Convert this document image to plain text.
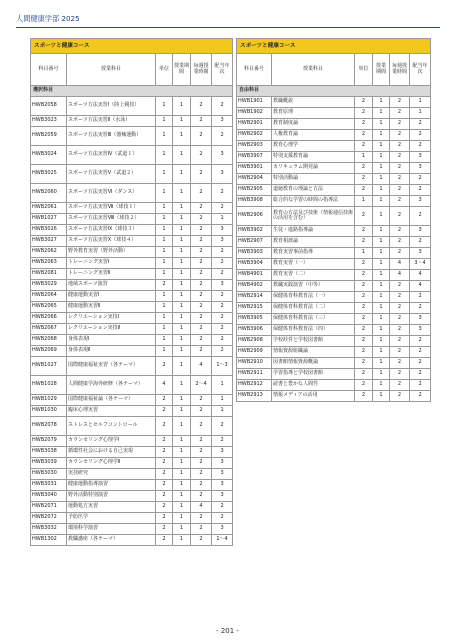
人間健康学部 2025
スポーツと健康コース					
科目番号	授業科目	単位	授業期間	毎週授業時間	配当年次
選択科目					
HWB2058	スポーツ方法実習Ⅰ（陸上競技）	1	1	2	2
HWB3023	スポーツ方法実習Ⅱ（水泳）	1	1	2	3
HWB2059	スポーツ方法実習Ⅲ（器械運動）	1	1	2	2
HWB3024	スポーツ方法実習Ⅳ（武道１）	1	1	2	3
HWB3025	スポーツ方法実習Ⅴ（武道２）	1	1	2	3
HWB2060	スポーツ方法実習Ⅵ（ダンス）	1	1	2	2
HWB2061	スポーツ方法実習Ⅶ（球技１）	1	1	2	2
HWB1027	スポーツ方法実習Ⅷ（球技２）	1	1	2	1
HWB3026	スポーツ方法実習Ⅸ（球技３）	1	1	2	3
HWB3027	スポーツ方法実習Ⅹ（球技４）	1	1	2	3
HWB2062	野外教育実習（野外活動）	1	1	2	2
HWB2063	トレーニング実習Ⅰ	1	1	2	2
HWB2081	トレーニング実習Ⅱ	1	1	2	2
HWB3029	地域スポーツ演習	2	1	2	3
HWB2064	健康運動実習Ⅰ	1	1	2	2
HWB2065	健康運動実習Ⅱ	1	1	2	2
HWB2066	レクリエーション実技Ⅰ	1	1	2	2
HWB2067	レクリエーション実技Ⅱ	1	1	2	2
HWB2068	身体表現Ⅰ	1	1	2	2
HWB2069	身体表現Ⅱ	1	1	2	2
HWB1027	国際健康福祉実習（各テーマ）	2	1	4	1～3
HWB1028	人間健康学海外研修（各テーマ）	4	1	2～4	1
HWB1029	国際健康福祉論（各テーマ）	2	1	2	1
HWB1030	臨床心理実習	2	1	2	1
HWB2078	ストレスとセルフコントロール	2	1	2	2
HWB2079	カウンセリング心理学Ⅰ	2	1	2	2
HWB3038	循環性社会における自己実現	2	1	2	3
HWB3039	カウンセリング心理学Ⅱ	2	1	2	3
HWB3030	実技研究	2	1	2	3
HWB3031	健康運動指導演習	2	1	2	3
HWB3040	野外活動特別演習	2	1	2	3
HWB2071	運動処方実習	2	1	4	2
HWB2072	予防医学	2	1	2	2
HWB3032	環境科学演習	2	1	2	3
HWB1302	教職講座（各テーマ）	2	1	2	1～4
スポーツと健康コース					
科目番号	授業科目	単位	授業期間	毎週授業時間	配当年次
自由科目					
HWB1901	教職概説	2	1	2	1
HWB1902	教育原理	2	1	2	1
HWB2901	教育制度論	2	1	2	2
HWB2902	人権教育論	2	1	2	2
HWB2903	教育心理学	2	1	2	2
HWB3907	特別支援教育論	1	1	2	3
HWB3901	カリキュラム開発論	2	1	2	3
HWB2904	特別活動論	2	1	2	2
HWB2905	道徳教育の理論と方法	2	1	2	2
HWB3908	総合的な学習の時間の指導法	1	1	2	3
HWB2906	教育の方法及び技術（情報通信技術の活用を含む）	2	1	2	2
HWB3902	生徒・進路指導論	2	1	2	3
HWB2907	教育相談論	2	1	2	2
HWB3903	教育実習事前指導	1	1	2	3
HWB3904	教育実習（一）	2	1	4	3・4
HWB4901	教育実習（二）	2	1	4	4
HWB4902	教職実践演習（中等）	2	1	2	4
HWB2914	保健体育科教育法（一）	2	1	2	2
HWB2915	保健体育科教育法（二）	2	1	2	2
HWB3905	保健体育科教育法（三）	2	1	2	3
HWB3906	保健体育科教育法（四）	2	1	2	3
HWB2908	学校経営と学校図書館	2	1	2	2
HWB2909	情報資源組織論	2	1	2	2
HWB2910	図書館情報資源概論	2	1	2	2
HWB2911	学習指導と学校図書館	2	1	2	2
HWB2912	読書と豊かな人間性	2	1	2	2
HWB2913	情報メディアの活用	2	1	2	2
- 201 -
